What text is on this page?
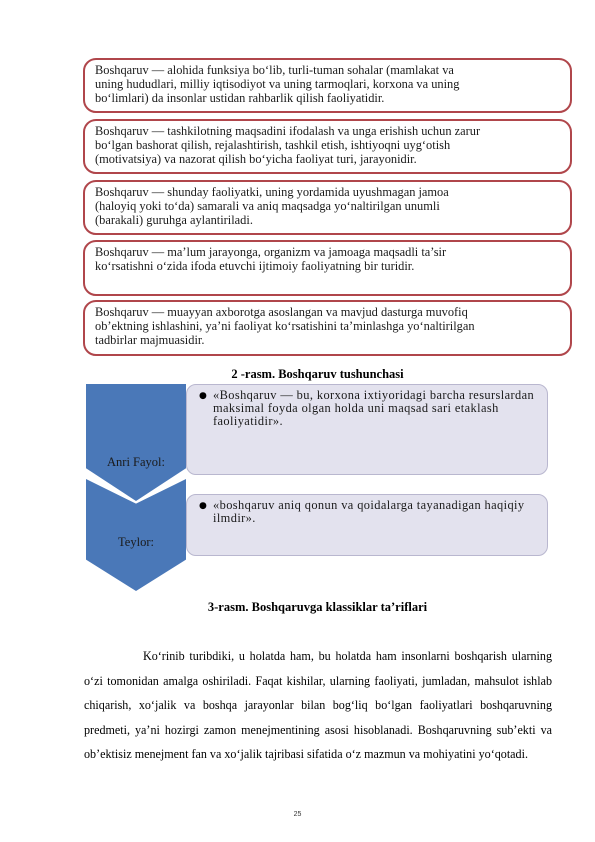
Boshqaruv — alohida funksiya bo‘lib, turli-tuman sohalar (mamlakat va
uning hududlari, milliy iqtisodiyot va uning tarmoqlari, korxona va uning
bo‘limlari) da insonlar ustidan rahbarlik qilish faoliyatidir.
Boshqaruv — tashkilotning maqsadini ifodalash va unga erishish uchun zarur
bo‘lgan bashorat qilish, rejalashtirish, tashkil etish, ishtiyoqni uyg‘otish
(motivatsiya) va nazorat qilish bo‘yicha faoliyat turi, jarayonidir.
Boshqaruv — shunday faoliyatki, uning yordamida uyushmagan jamoa
(haloyiq yoki to‘da) samarali va aniq maqsadga yo‘naltirilgan unumli
(barakali) guruhga aylantiriladi.
Boshqaruv — ma’lum jarayonga, organizm va jamoaga maqsadli ta’sir
ko‘rsatishni o‘zida ifoda etuvchi ijtimoiy faoliyatning bir turidir.
Boshqaruv — muayyan axborotga asoslangan va mavjud dasturga muvofiq
ob’ektning ishlashini, ya’ni faoliyat ko‘rsatishini ta’minlashga yo‘naltirilgan
tadbirlar majmuasidir.
2 -rasm. Boshqaruv tushunchasi
Anri Fayol:
Teylor:
● «Boshqaruv — bu, korxona ixtiyoridagi barcha resurslardan maksimal foyda olgan holda uni maqsad sari etaklash faoliyatidir».
● «boshqaruv aniq qonun va qoidalarga tayanadigan haqiqiy ilmdir».
3-rasm. Boshqaruvga klassiklar ta’riflari

Ko‘rinib turibdiki, u holatda ham, bu holatda ham insonlarni boshqarish ularning o‘zi tomonidan amalga oshiriladi. Faqat kishilar, ularning faoliyati, jumladan, mahsulot ishlab chiqarish, xo‘jalik va boshqa jarayonlar bilan bog‘liq bo‘lgan faoliyatlari boshqaruvning predmeti, ya’ni hozirgi zamon menejmentining asosi hisoblanadi. Boshqaruvning sub’ekti va ob’ektisiz menejment fan va xo‘jalik tajribasi sifatida o‘z mazmun va mohiyatini yo‘qotadi.

25
